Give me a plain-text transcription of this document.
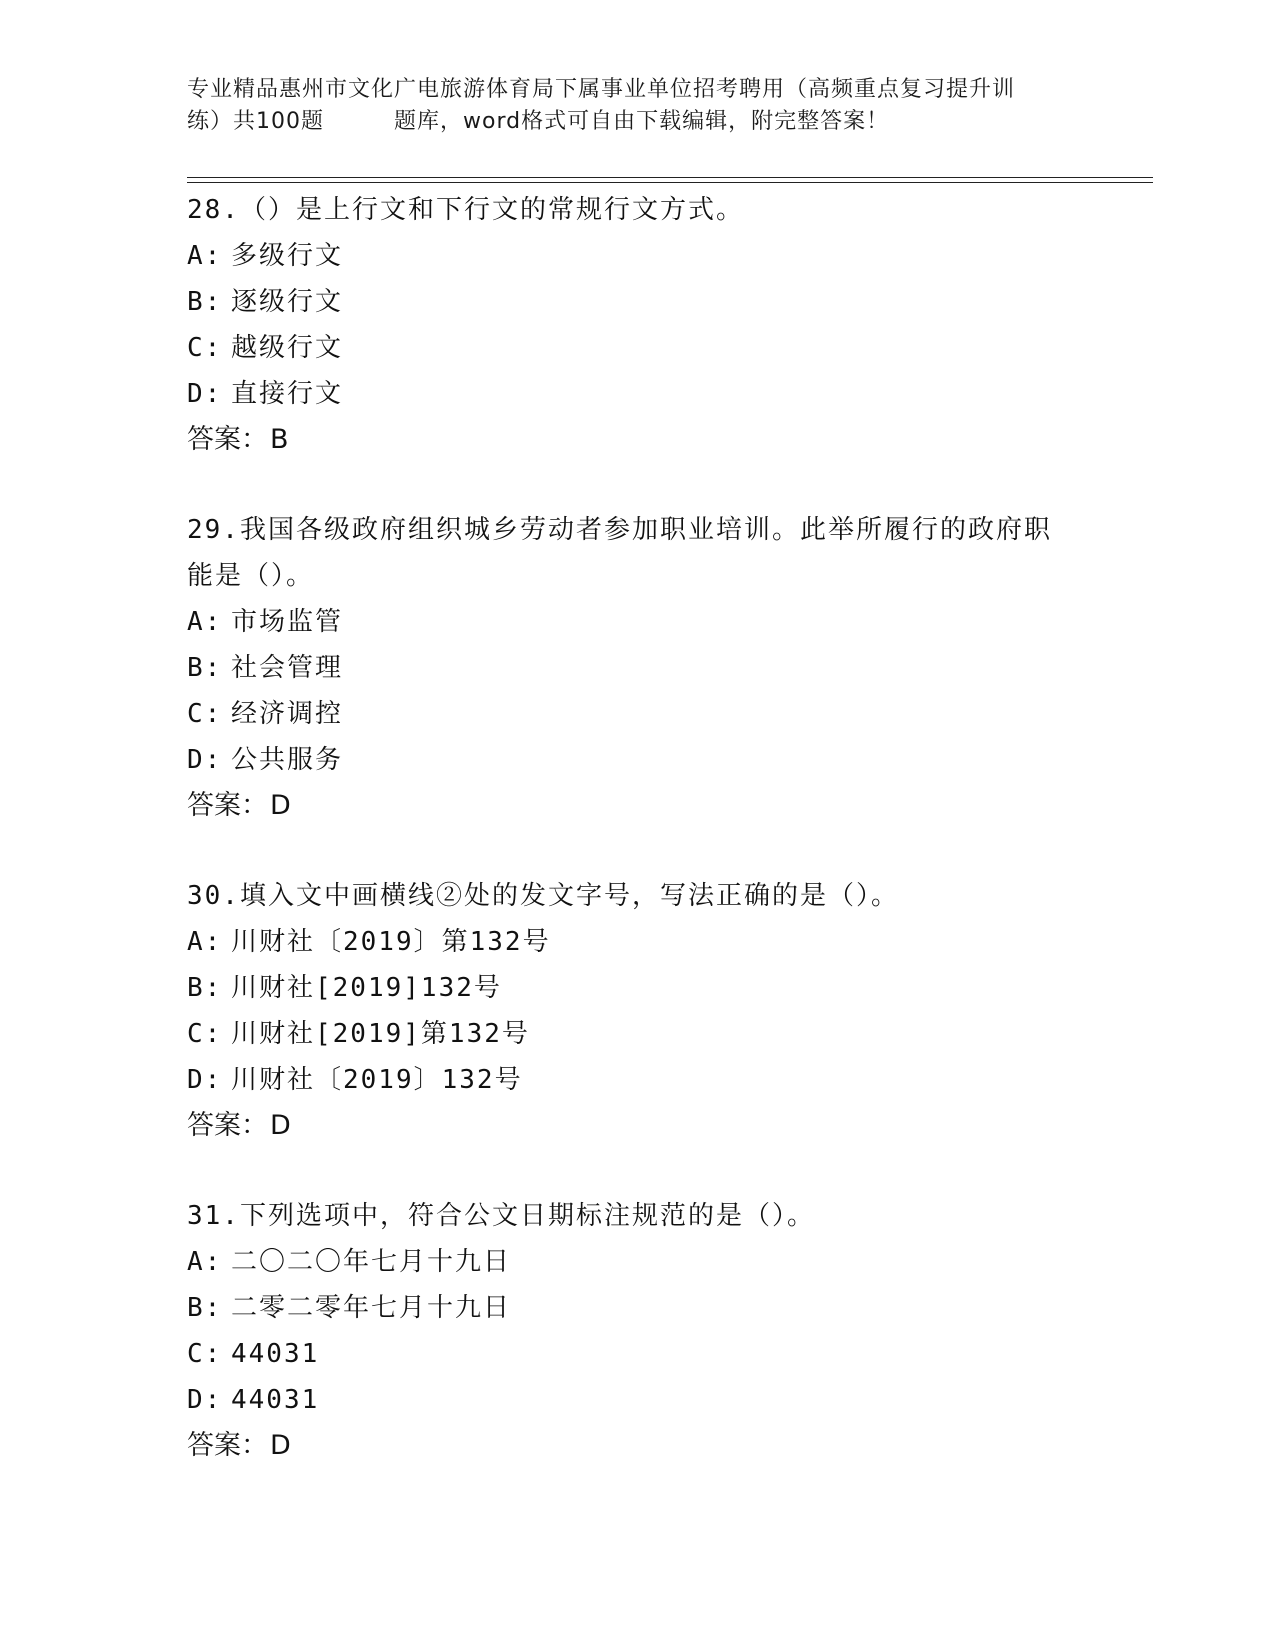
专业精品惠州市文化广电旅游体育局下属事业单位招考聘用（高频重点复习提升训
练）共100题	题库，word格式可自由下载编辑，附完整答案！

28.（）是上行文和下行文的常规行文方式。

A: 多级行文

B: 逐级行文

C: 越级行文

D: 直接行文

答案：B

29.我国各级政府组织城乡劳动者参加职业培训。此举所履行的政府职能是（）。

A: 市场监管

B: 社会管理

C: 经济调控

D: 公共服务

答案：D

30.填入文中画横线②处的发文字号，写法正确的是（）。

A: 川财社〔2019〕第132号

B: 川财社[2019]132号

C: 川财社[2019]第132号

D: 川财社〔2019〕132号

答案：D

31.下列选项中，符合公文日期标注规范的是（）。

A: 二〇二〇年七月十九日

B: 二零二零年七月十九日

C: 44031

D: 44031

答案：D
